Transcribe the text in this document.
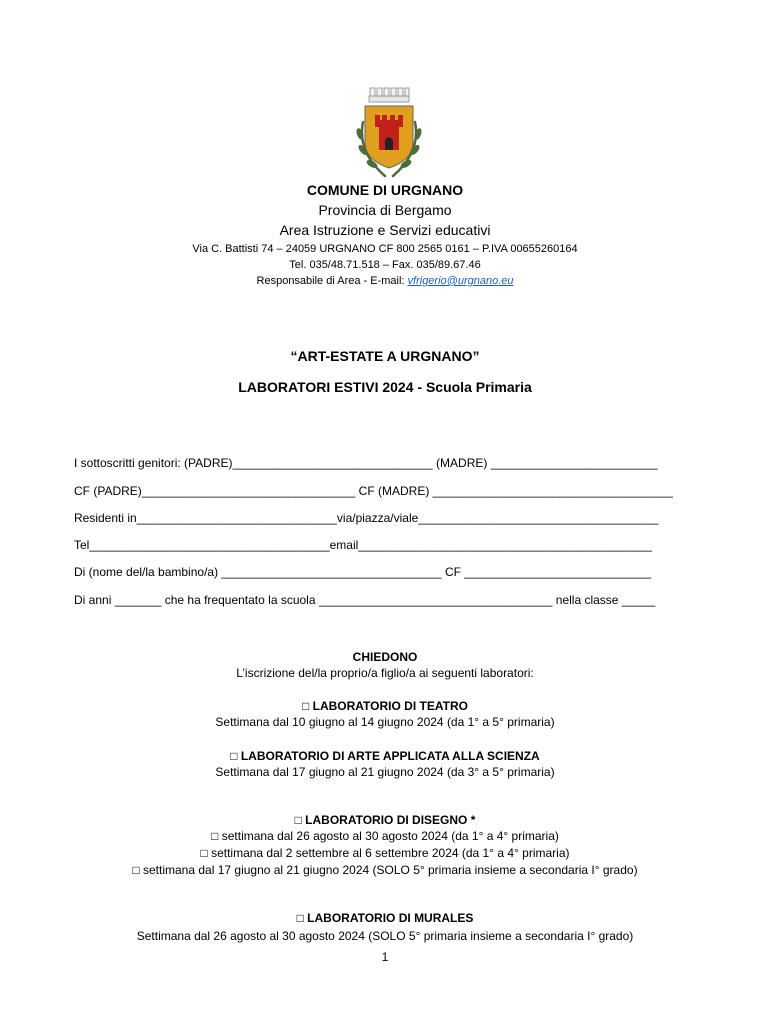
COMUNE DI URGNANO
Provincia di Bergamo
Area Istruzione e Servizi educativi
Via C. Battisti 74 – 24059 URGNANO CF 800 2565 0161 – P.IVA 00655260164
Tel. 035/48.71.518 – Fax. 035/89.67.46
Responsabile di Area - E-mail: vfrigerio@urgnano.eu
“ART-ESTATE A URGNANO”
LABORATORI ESTIVI 2024 - Scuola Primaria
I sottoscritti genitori: (PADRE)______________________________ (MADRE) _________________________
CF (PADRE)________________________________ CF (MADRE) ____________________________________
Residenti in______________________________via/piazza/viale____________________________________
Tel____________________________________email____________________________________________
Di (nome del/la bambino/a) _________________________________ CF ____________________________
Di anni _______ che ha frequentato la scuola ___________________________________ nella classe _____
CHIEDONO
L’iscrizione del/la proprio/a figlio/a ai seguenti laboratori:
□ LABORATORIO DI TEATRO
Settimana dal 10 giugno al 14 giugno 2024 (da 1° a 5° primaria)
□ LABORATORIO DI ARTE APPLICATA ALLA SCIENZA
Settimana dal 17 giugno al 21 giugno 2024 (da 3° a 5° primaria)
□ LABORATORIO DI DISEGNO *
□ settimana dal 26 agosto al 30 agosto 2024 (da 1° a 4° primaria)
□ settimana dal 2 settembre al 6 settembre 2024 (da 1° a 4° primaria)
□ settimana dal 17 giugno al 21 giugno 2024 (SOLO 5° primaria insieme a secondaria I° grado)
□ LABORATORIO DI MURALES
Settimana dal 26 agosto al 30 agosto 2024 (SOLO 5° primaria insieme a secondaria I° grado)
1
